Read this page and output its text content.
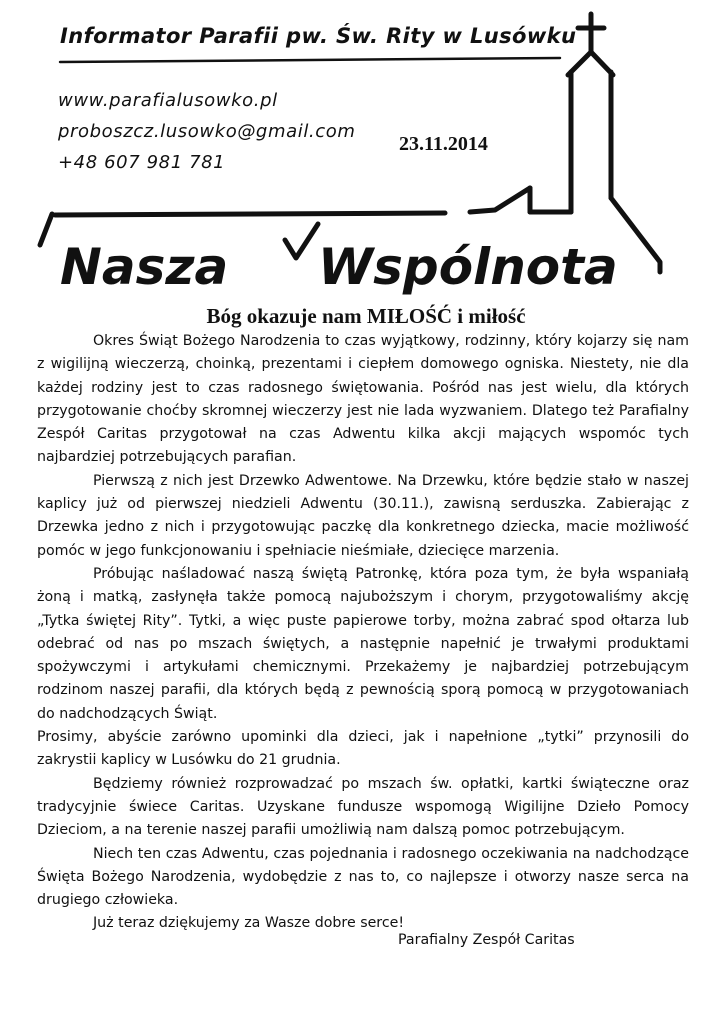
Nasza Wspólnota
Informator Parafii pw. Św. Rity w Lusówku
www.parafialusowko.pl
proboszcz.lusowko@gmail.com
+48 607 981 781
23.11.2014
Bóg okazuje nam MIŁOŚĆ i miłość

Okres Świąt Bożego Narodzenia to czas wyjątkowy, rodzinny, który kojarzy się nam z wigilijną wieczerzą, choinką, prezentami i ciepłem domowego ogniska. Niestety, nie dla każdej rodziny jest to czas radosnego świętowania. Pośród nas jest wielu, dla których przygotowanie choćby skromnej wieczerzy jest nie lada wyzwaniem. Dlatego też Parafialny Zespół Caritas przygotował na czas Adwentu kilka akcji mających wspomóc tych najbardziej potrzebujących parafian.

Pierwszą z nich jest Drzewko Adwentowe. Na Drzewku, które będzie stało w naszej kaplicy już od pierwszej niedzieli Adwentu (30.11.), zawisną serduszka. Zabierając z Drzewka jedno z nich i przygotowując paczkę dla konkretnego dziecka, macie możliwość pomóc w jego funkcjonowaniu i spełniacie nieśmiałe, dziecięce marzenia.

Próbując naśladować naszą świętą Patronkę, która poza tym, że była wspaniałą żoną i matką, zasłynęła także pomocą najuboższym i chorym, przygotowaliśmy akcję „Tytka świętej Rity”. Tytki, a więc puste papierowe torby, można zabrać spod ołtarza lub odebrać od nas po mszach świętych, a następnie napełnić je trwałymi produktami spożywczymi i artykułami chemicznymi. Przekażemy je najbardziej potrzebującym rodzinom naszej parafii, dla których będą z pewnością sporą pomocą w przygotowaniach do nadchodzących Świąt.

Prosimy, abyście zarówno upominki dla dzieci, jak i napełnione „tytki” przynosili do zakrystii kaplicy w Lusówku do 21 grudnia.

Będziemy również rozprowadzać po mszach św. opłatki, kartki świąteczne oraz tradycyjnie świece Caritas. Uzyskane fundusze wspomogą Wigilijne Dzieło Pomocy Dzieciom, a na terenie naszej parafii umożliwią nam dalszą pomoc potrzebującym.

Niech ten czas Adwentu, czas pojednania i radosnego oczekiwania na nadchodzące Święta Bożego Narodzenia, wydobędzie z nas to, co najlepsze i otworzy nasze serca na drugiego człowieka.

Już teraz dziękujemy za Wasze dobre serce!

Parafialny Zespół Caritas
